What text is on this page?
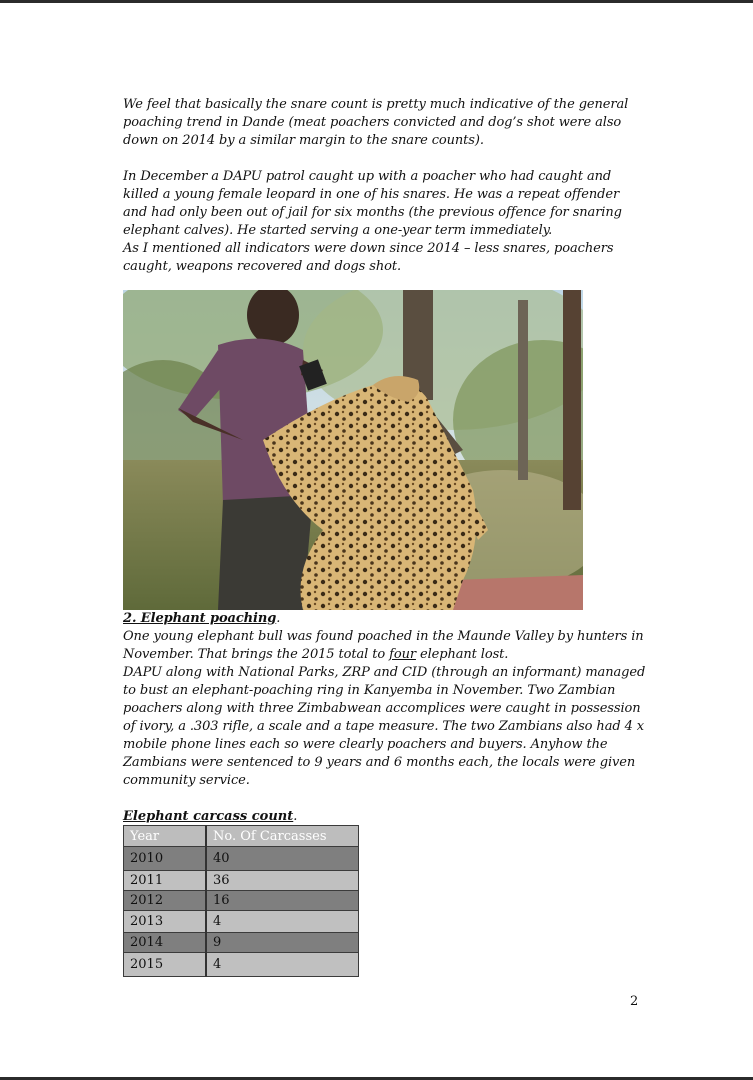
We feel that basically the snare count is pretty much indicative of the general poaching trend in Dande (meat poachers convicted and dog’s shot were also down on 2014 by a similar margin to the snare counts).

In December a DAPU patrol caught up with a poacher who had caught and killed a young female leopard in one of his snares. He was a repeat offender and had only been out of jail for six months (the previous offence for snaring elephant calves). He started serving a one-year term immediately.

As I mentioned all indicators were down since 2014 – less snares, poachers caught, weapons recovered and dogs shot.

2. Elephant poaching.

One young elephant bull was found poached in the Maunde Valley by hunters in November. That brings the 2015 total to four elephant lost.

DAPU along with National Parks, ZRP and CID (through an informant) managed to bust an elephant-poaching ring in Kanyemba in November. Two Zambian poachers along with three Zimbabwean accomplices were caught in possession of ivory, a .303 rifle, a scale and a tape measure. The two Zambians also had 4 x mobile phone lines each so were clearly poachers and buyers. Anyhow the Zambians were sentenced to 9 years and 6 months each, the locals were given community service.

Elephant carcass count.
Year	No. Of Carcasses
2010	40
2011	36
2012	16
2013	4
2014	9
2015	4
2
